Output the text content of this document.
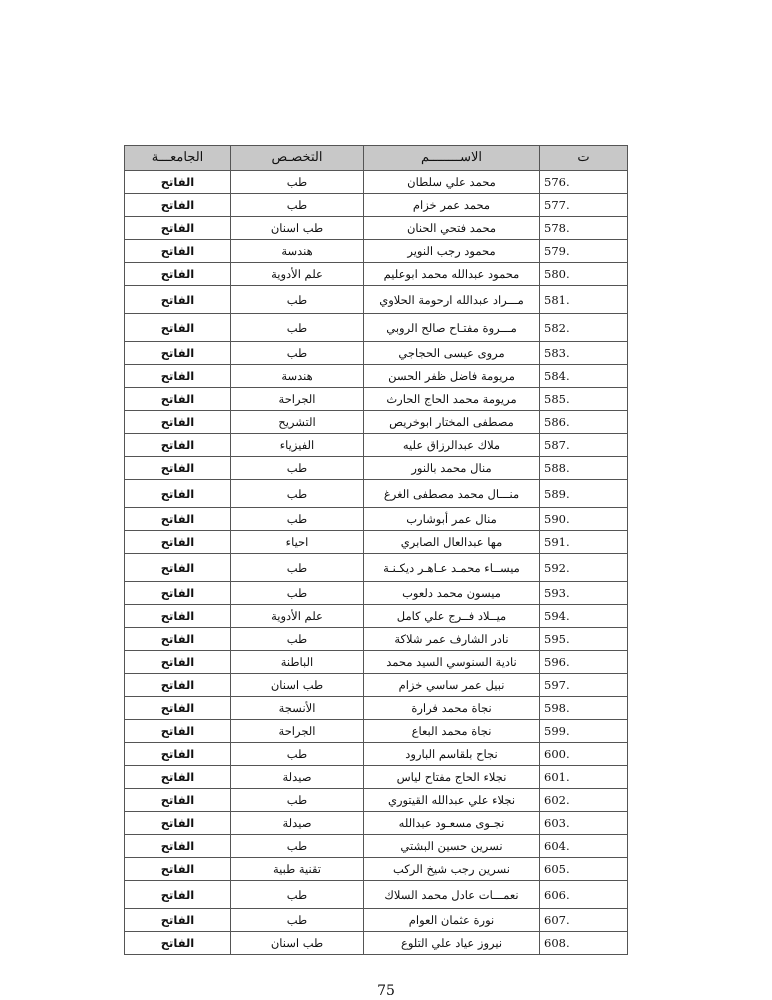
الجامعـــة	التخصـص	الاســــــــم	ت
الفاتح	طب	محمد علي سلطان	576.
الفاتح	طب	محمد عمر خزام	577.
الفاتح	طب اسنان	محمد فتحي الحنان	578.
الفاتح	هندسة	محمود رجب النوير	579.
الفاتح	علم الأدوية	محمود عبدالله محمد ابوعليم	580.
الفاتح	طب	مـــراد عبدالله ارحومة الحلاوي	581.
الفاتح	طب	مـــروة مفتـاح صالح الروبي	582.
الفاتح	طب	مروى عيسى الحجاجي	583.
الفاتح	هندسة	مريومة فاضل ظفر الحسن	584.
الفاتح	الجراحة	مريومة محمد الحاج الحارث	585.
الفاتح	التشريح	مصطفى المختار ابوخريص	586.
الفاتح	الفيزياء	ملاك عبدالرزاق عليه	587.
الفاتح	طب	منال محمد بالنور	588.
الفاتح	طب	منـــال محمد مصطفى الغرغ	589.
الفاتح	طب	منال عمر أبوشارب	590.
الفاتح	احياء	مها عبدالعال الصابري	591.
الفاتح	طب	ميســاء محمـد عـاهـر ديكـنـة	592.
الفاتح	طب	ميسون محمد دلعوب	593.
الفاتح	علم الأدوية	ميــلاد فــرج علي كامل	594.
الفاتح	طب	نادر الشارف عمر شلاكة	595.
الفاتح	الباطنة	نادية السنوسي السيد محمد	596.
الفاتح	طب اسنان	نبيل عمر ساسي خزام	597.
الفاتح	الأنسجة	نجاة محمد فرارة	598.
الفاتح	الجراحة	نجاة محمد البعاع	599.
الفاتح	طب	نجاح بلقاسم البارود	600.
الفاتح	صيدلة	نجلاء الحاج مفتاح لياس	601.
الفاتح	طب	نجلاء علي عبدالله القيتوري	602.
الفاتح	صيدلة	نجـوى مسعـود عبدالله	603.
الفاتح	طب	نسرين حسين البشتي	604.
الفاتح	تقنية طبية	نسرين رجب شيخ الركب	605.
الفاتح	طب	نعمـــات عادل محمد السلاك	606.
الفاتح	طب	نورة عثمان العوام	607.
الفاتح	طب اسنان	نيروز عياد علي التلوع	608.
75
